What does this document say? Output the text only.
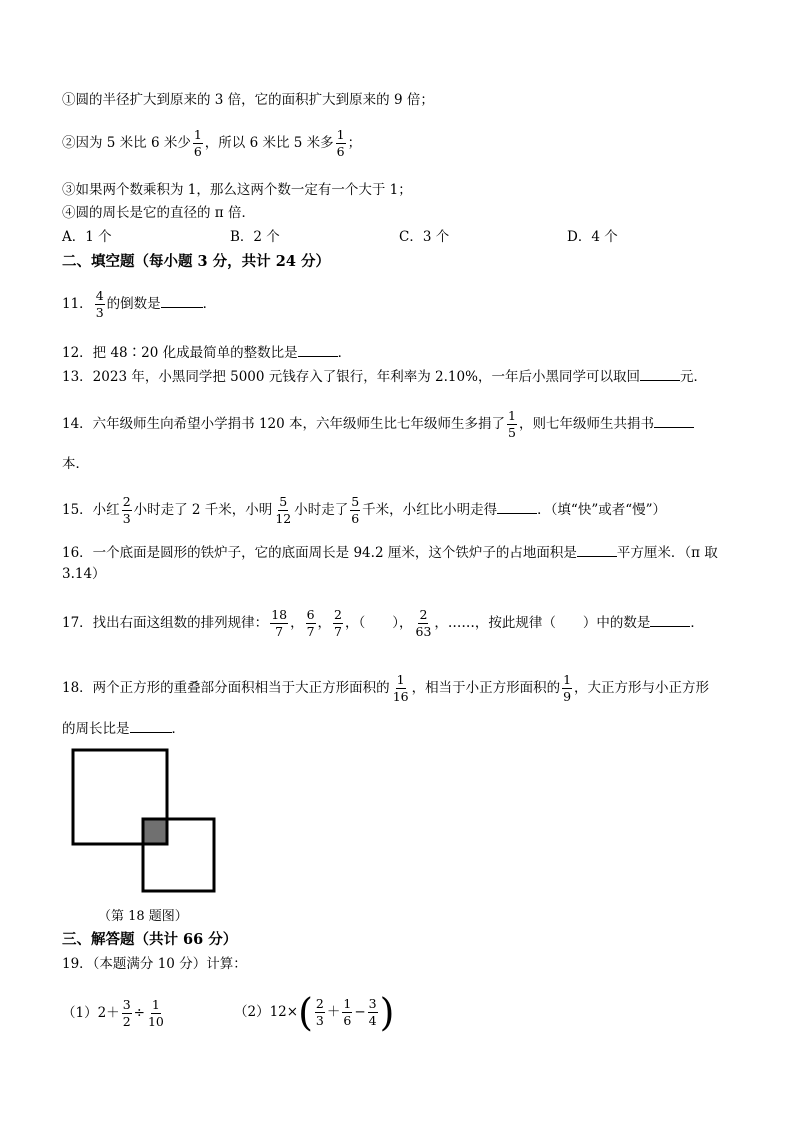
①圆的半径扩大到原来的 3 倍，它的面积扩大到原来的 9 倍；
②因为 5 米比 6 米少 $\frac{1}{6}$ ，所以 6 米比 5 米多 $\frac{1}{6}$ ；
③如果两个数乘积为 1，那么这两个数一定有一个大于 1；
④圆的周长是它的直径的 π 倍．
A．1 个	B．2 个	C．3 个	D．4 个
二、填空题（每小题 3 分，共计 24 分）
11． $\frac{4}{3}$ 的倒数是	．
12．把 48∶20 化成最简单的整数比是	．
13．2023 年，小黑同学把 5000 元钱存入了银行，年利率为 2.10%，一年后小黑同学可以取回	元．
14．六年级师生向希望小学捐书 120 本，六年级师生比七年级师生多捐了 $\frac{1}{5}$ ，则七年级师生共捐书
本．
15．小红 $\frac{2}{3}$ 小时走了 2 千米，小明 $\frac{5}{12}$ 小时走了 $\frac{5}{6}$ 千米，小红比小明走得	．（填“快”或者“慢”）
16．一个底面是圆形的铁炉子，它的底面周长是 94.2 厘米，这个铁炉子的占地面积是	平方厘米．（π 取
3.14）
17．找出右面这组数的排列规律： $\frac{18}{7}$ ， $\frac{6}{7}$ ， $\frac{2}{7}$ ，（　　）， $\frac{2}{63}$ ，……，按此规律（　　）中的数是	．
18．两个正方形的重叠部分面积相当于大正方形面积的 $\frac{1}{16}$ ，相当于小正方形面积的 $\frac{1}{9}$ ，大正方形与小正方形
的周长比是	．
（第 18 题图）
三、解答题（共计 66 分）
19．（本题满分 10 分）计算：
$(1)2+ \frac{3}{2} \div \frac{1}{10}$	$(2)12\times( \frac{2}{3} + \frac{1}{6} - \frac{3}{4}$ )
